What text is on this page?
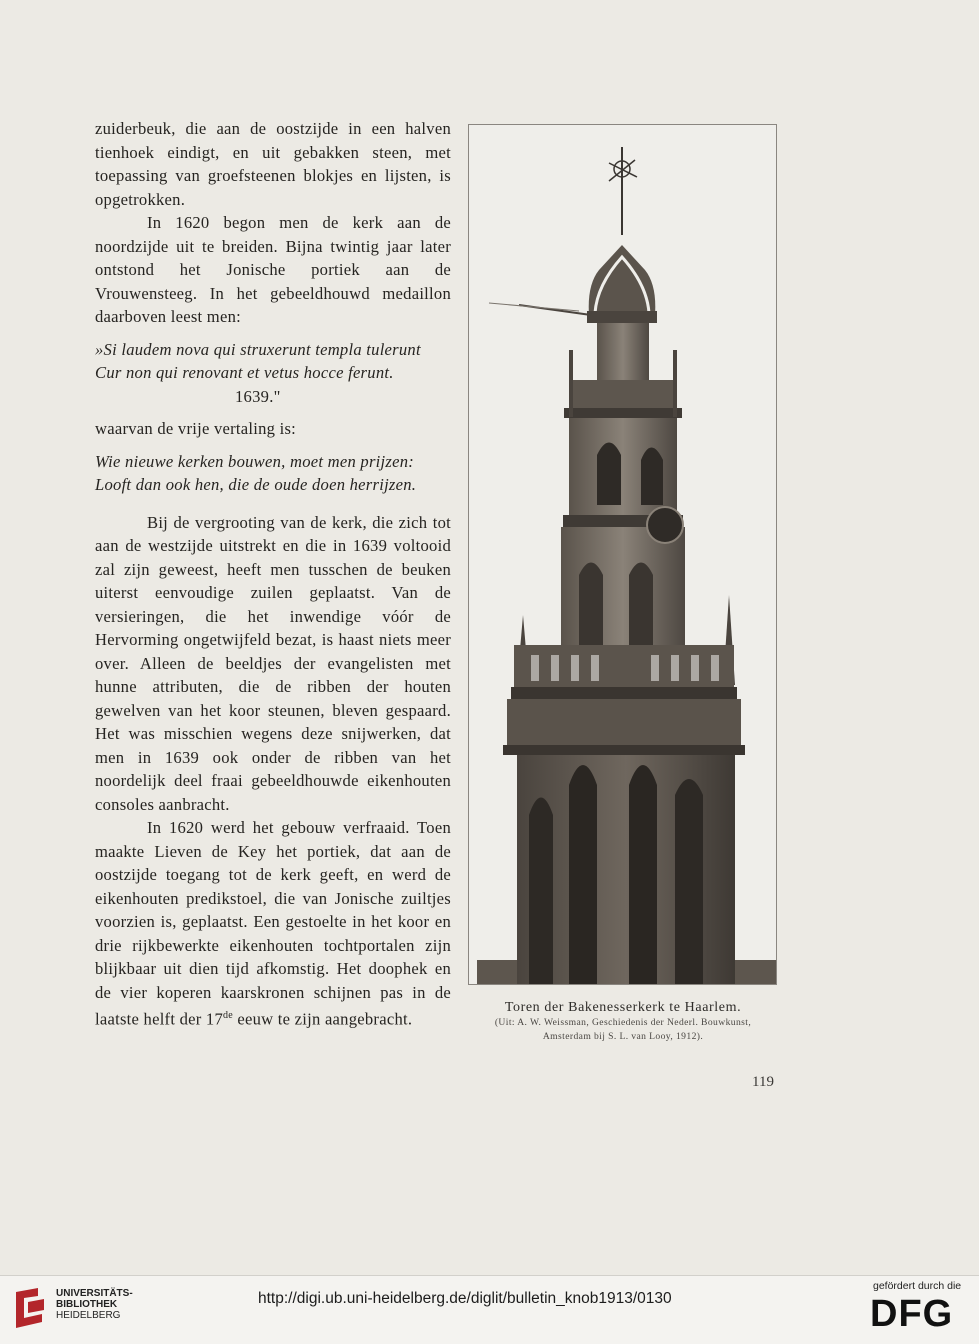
zuiderbeuk, die aan de oostzijde in een halven tienhoek eindigt, en uit gebakken steen, met toepassing van groefsteenen blokjes en lijsten, is opgetrokken.

In 1620 begon men de kerk aan de noordzijde uit te breiden. Bijna twintig jaar later ontstond het Jonische portiek aan de Vrouwensteeg. In het gebeeldhouwd medaillon daarboven leest men:

»Si laudem nova qui struxerunt templa tulerunt

Cur non qui renovant et vetus hocce ferunt.

1639."

waarvan de vrije vertaling is:

Wie nieuwe kerken bouwen, moet men prijzen:

Looft dan ook hen, die de oude doen herrijzen.

Bij de vergrooting van de kerk, die zich tot aan de westzijde uitstrekt en die in 1639 voltooid zal zijn geweest, heeft men tusschen de beuken uiterst eenvoudige zuilen geplaatst. Van de versieringen, die het inwendige vóór de Hervorming ongetwijfeld bezat, is haast niets meer over. Alleen de beeldjes der evangelisten met hunne attributen, die de ribben der houten gewelven van het koor steunen, bleven gespaard. Het was misschien wegens deze snijwerken, dat men in 1639 ook onder de ribben van het noordelijk deel fraai gebeeldhouwde eikenhouten consoles aanbracht.

In 1620 werd het gebouw verfraaid. Toen maakte Lieven de Key het portiek, dat aan de oostzijde toegang tot de kerk geeft, en werd de eikenhouten predikstoel, die van Jonische zuiltjes voorzien is, geplaatst. Een gestoelte in het koor en drie rijkbewerkte eikenhouten tochtportalen zijn blijkbaar uit dien tijd afkomstig. Het doophek en de vier koperen kaarskronen schijnen pas in de laatste helft der 17de eeuw te zijn aangebracht.

Toren der Bakenesserkerk te Haarlem.
(Uit: A. W. Weissman, Geschiedenis der Nederl. Bouwkunst,
Amsterdam bij S. L. van Looy, 1912).
119
UNIVERSITÄTS-
BIBLIOTHEK
HEIDELBERG
http://digi.ub.uni-heidelberg.de/diglit/bulletin_knob1913/0130
gefördert durch die
DFG
